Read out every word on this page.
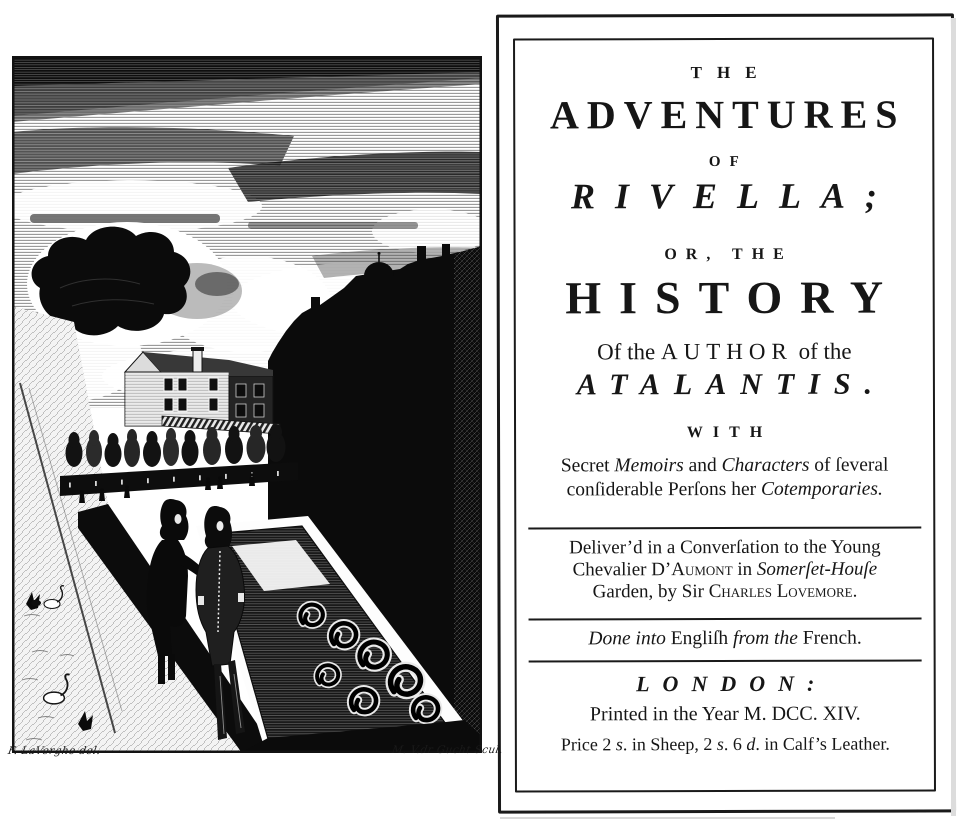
F. LaVerghe del.	M. V.dr Gucht Scul.
THE
ADVENTURES
OF
RIVELLA;
OR, THE
HISTORY
Of the AUTHOR of the
ATALANTIS.
WITH
Secret Memoirs and Characters of ſeveral
conſiderable Perſons her Cotemporaries.
Deliver’d in a Converſation to the Young
Chevalier D’Aumont in Somerſet-Houſe
Garden, by Sir Charles Lovemore.
Done into Engliſh from the French.
LONDON:
Printed in the Year M. DCC. XIV.
Price 2 s. in Sheep, 2 s. 6 d. in Calf’s Leather.
